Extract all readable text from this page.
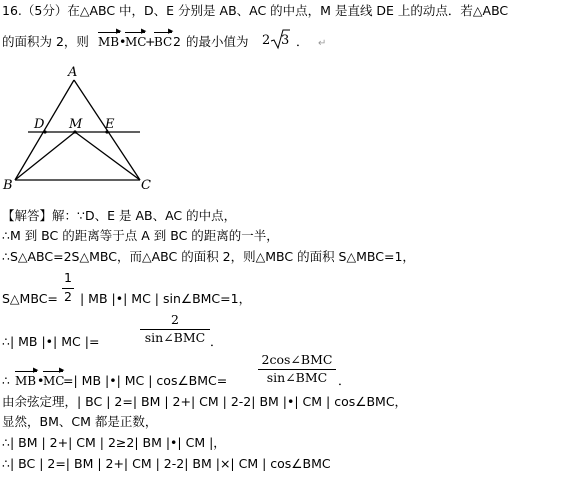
16.（5分）在△ABC 中，D、E 分别是 AB、AC 的中点，M 是直线 DE 上的动点．若△ABC
的面积为 2，则
▶
MB •
▶
MC
+
▶
BC 2 的最小值为 2 3 ． ↵
A
B	C
D M E
【解答】解：∵D、E 是 AB、AC 的中点，
∴M 到 BC 的距离等于点 A 到 BC 的距离的一半，
∴S△ABC=2S△MBC，而△ABC 的面积 2，则△MBC 的面积 S△MBC=1，
S△MBC=
1
2 | MB |•| MC | sin∠BMC=1，
∴| MB |•| MC |=
2
sin∠BMC ．
∴
▶
MB •
▶
MC
=| MB |•| MC | cos∠BMC=
2cos∠BMC
sin∠BMC ．
由余弦定理，| BC | 2=| BM | 2+| CM | 2-2| BM |•| CM | cos∠BMC，
显然，BM、CM 都是正数，
∴| BM | 2+| CM | 2≥2| BM |•| CM |，
∴| BC | 2=| BM | 2+| CM | 2-2| BM |×| CM | cos∠BMC
